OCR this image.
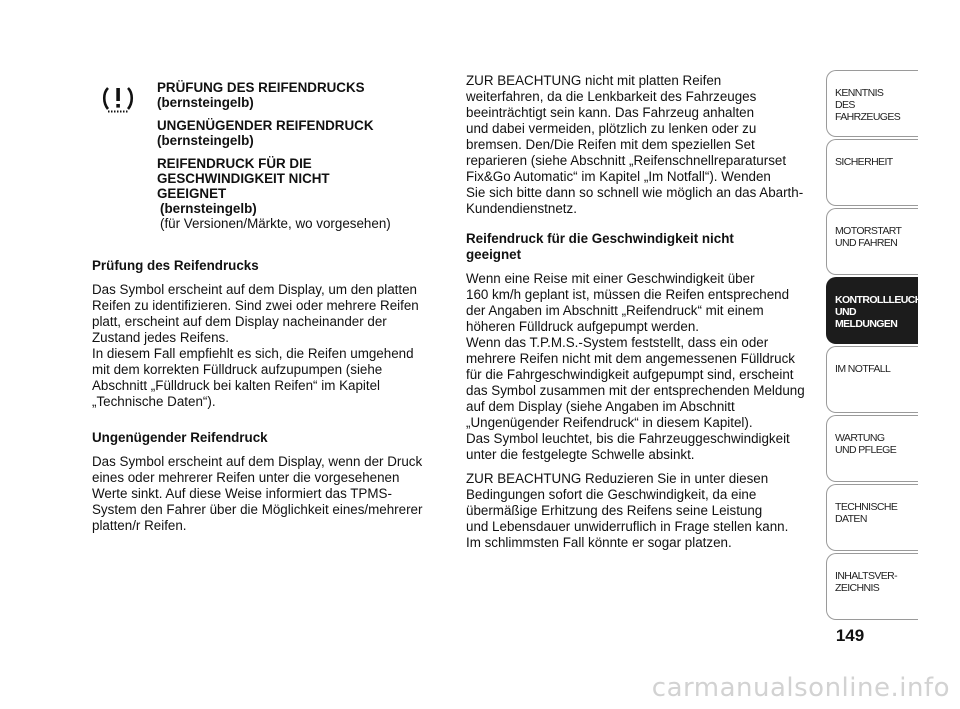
PRÜFUNG DES REIFENDRUCKS
(bernsteingelb)
UNGENÜGENDER REIFENDRUCK
(bernsteingelb)
REIFENDRUCK FÜR DIE
GESCHWINDIGKEIT NICHT
GEEIGNET
(bernsteingelb)
(für Versionen/Märkte, wo vorgesehen)

Prüfung des Reifendrucks

Das Symbol erscheint auf dem Display, um den platten
Reifen zu identifizieren. Sind zwei oder mehrere Reifen
platt, erscheint auf dem Display nacheinander der
Zustand jedes Reifens.
In diesem Fall empfiehlt es sich, die Reifen umgehend
mit dem korrekten Fülldruck aufzupumpen (siehe
Abschnitt „Fülldruck bei kalten Reifen“ im Kapitel
„Technische Daten“).

Ungenügender Reifendruck

Das Symbol erscheint auf dem Display, wenn der Druck
eines oder mehrerer Reifen unter die vorgesehenen
Werte sinkt. Auf diese Weise informiert das TPMS-
System den Fahrer über die Möglichkeit eines/mehrerer
platten/r Reifen.

ZUR BEACHTUNG nicht mit platten Reifen
weiterfahren, da die Lenkbarkeit des Fahrzeuges
beeinträchtigt sein kann. Das Fahrzeug anhalten
und dabei vermeiden, plötzlich zu lenken oder zu
bremsen. Den/Die Reifen mit dem speziellen Set
reparieren (siehe Abschnitt „Reifenschnellreparaturset
Fix&Go Automatic“ im Kapitel „Im Notfall“). Wenden
Sie sich bitte dann so schnell wie möglich an das Abarth-
Kundendienstnetz.

Reifendruck für die Geschwindigkeit nicht
geeignet

Wenn eine Reise mit einer Geschwindigkeit über
160 km/h geplant ist, müssen die Reifen entsprechend
der Angaben im Abschnitt „Reifendruck“ mit einem
höheren Fülldruck aufgepumpt werden.
Wenn das T.P.M.S.-System feststellt, dass ein oder
mehrere Reifen nicht mit dem angemessenen Fülldruck
für die Fahrgeschwindigkeit aufgepumpt sind, erscheint
das Symbol zusammen mit der entsprechenden Meldung
auf dem Display (siehe Angaben im Abschnitt
„Ungenügender Reifendruck“ in diesem Kapitel).
Das Symbol leuchtet, bis die Fahrzeuggeschwindigkeit
unter die festgelegte Schwelle absinkt.

ZUR BEACHTUNG Reduzieren Sie in unter diesen
Bedingungen sofort die Geschwindigkeit, da eine
übermäßige Erhitzung des Reifens seine Leistung
und Lebensdauer unwiderruflich in Frage stellen kann.
Im schlimmsten Fall könnte er sogar platzen.

KENNTNIS
DES FAHRZEUGES
SICHERHEIT
MOTORSTART
UND FAHREN
KONTROLLLEUCHTEN
UND MELDUNGEN
IM NOTFALL
WARTUNG
UND PFLEGE
TECHNISCHE
DATEN
INHALTSVER-
ZEICHNIS
149
carmanualsonline.info
